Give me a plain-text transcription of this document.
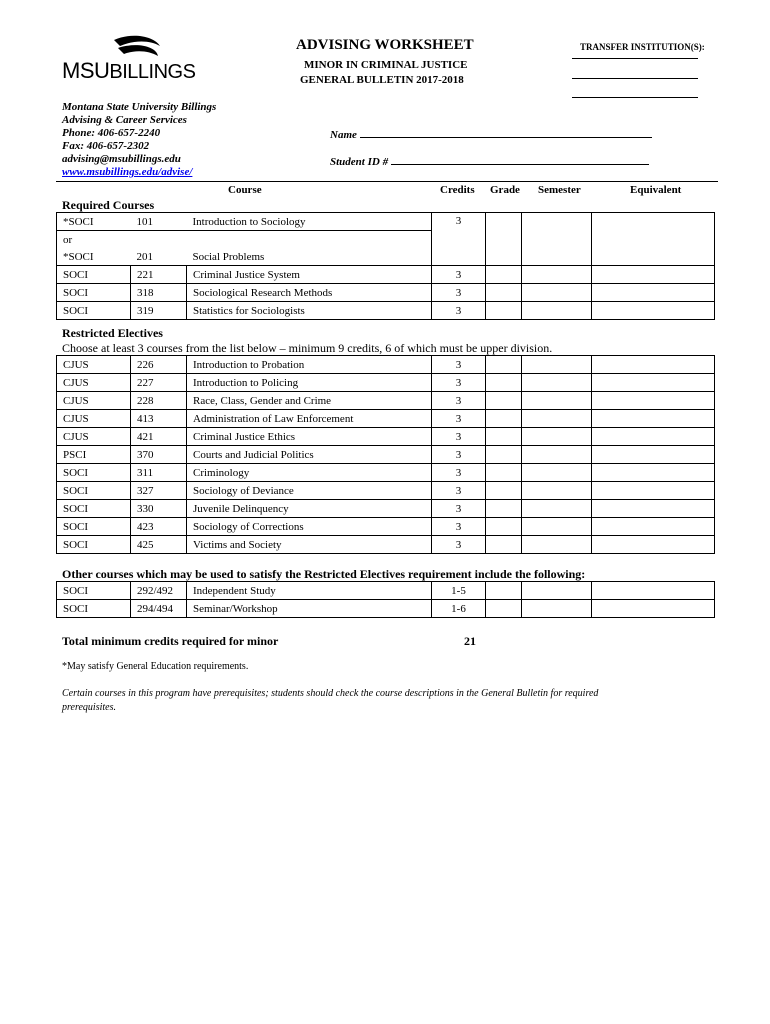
MSUBILLINGS
ADVISING WORKSHEET
MINOR IN CRIMINAL JUSTICE
GENERAL BULLETIN 2017-2018
TRANSFER INSTITUTION(S):
Montana State University Billings
Advising & Career Services
Phone: 406-657-2240
Fax: 406-657-2302
advising@msubillings.edu
www.msubillings.edu/advise/
Name
Student ID #
Course	Credits Grade Semester	Equivalent
Required Courses
*SOCI	101	Introduction to Sociology	3			
or						
*SOCI	201	Social Problems				
SOCI	221	Criminal Justice System	3			
SOCI	318	Sociological Research Methods	3			
SOCI	319	Statistics for Sociologists	3			
Restricted Electives
Choose at least 3 courses from the list below – minimum 9 credits, 6 of which must be upper division.
CJUS	226	Introduction to Probation	3			
CJUS	227	Introduction to Policing	3			
CJUS	228	Race, Class, Gender and Crime	3			
CJUS	413	Administration of Law Enforcement	3			
CJUS	421	Criminal Justice Ethics	3			
PSCI	370	Courts and Judicial Politics	3			
SOCI	311	Criminology	3			
SOCI	327	Sociology of Deviance	3			
SOCI	330	Juvenile Delinquency	3			
SOCI	423	Sociology of Corrections	3			
SOCI	425	Victims and Society	3			
Other courses which may be used to satisfy the Restricted Electives requirement include the following:
SOCI	292/492	Independent Study	1-5			
SOCI	294/494	Seminar/Workshop	1-6			
Total minimum credits required for minor	21
*May satisfy General Education requirements.
Certain courses in this program have prerequisites; students should check the course descriptions in the General Bulletin for required
prerequisites.
